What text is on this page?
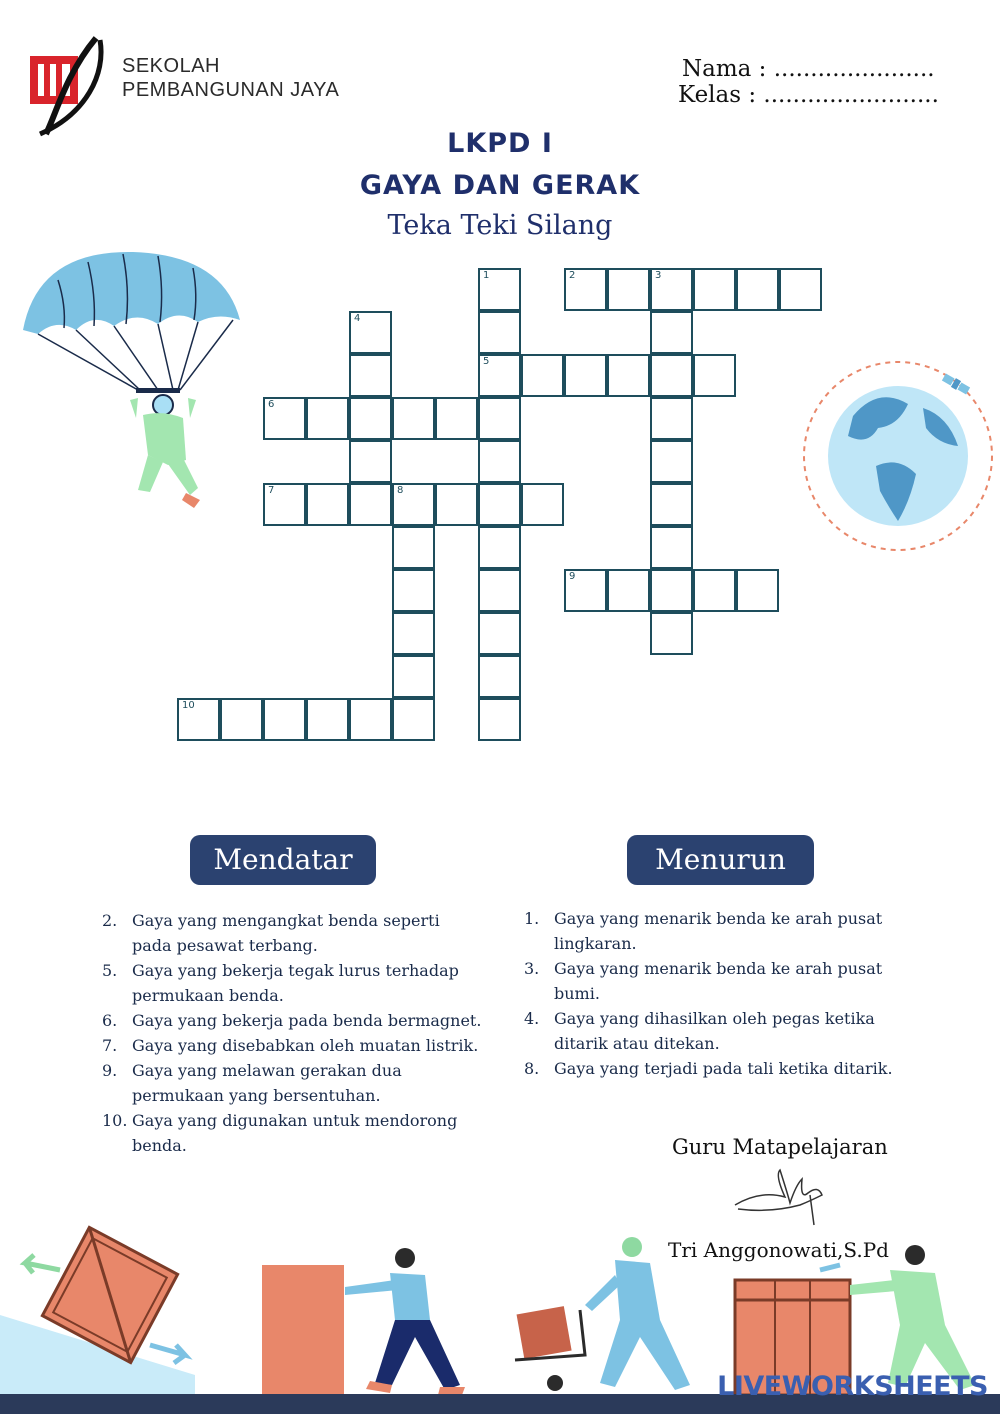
SEKOLAH
PEMBANGUNAN JAYA
Nama : ......................
Kelas : ........................
LKPD I
GAYA DAN GERAK
Teka Teki Silang
1
5
2	3
4
6
7	8
9
10
Mendatar	Menurun
2. Gaya yang mengangkat benda seperti pada pesawat terbang.
5. Gaya yang bekerja tegak lurus terhadap permukaan benda.
6. Gaya yang bekerja pada benda bermagnet.
7. Gaya yang disebabkan oleh muatan listrik.
9. Gaya yang melawan gerakan dua permukaan yang bersentuhan.
10. Gaya yang digunakan untuk mendorong benda.
1. Gaya yang menarik benda ke arah pusat lingkaran.
3. Gaya yang menarik benda ke arah pusat bumi.
4. Gaya yang dihasilkan oleh pegas ketika ditarik atau ditekan.
8. Gaya yang terjadi pada tali ketika ditarik.
Guru Matapelajaran
Tri Anggonowati,S.Pd
LIVEWORKSHEETS
